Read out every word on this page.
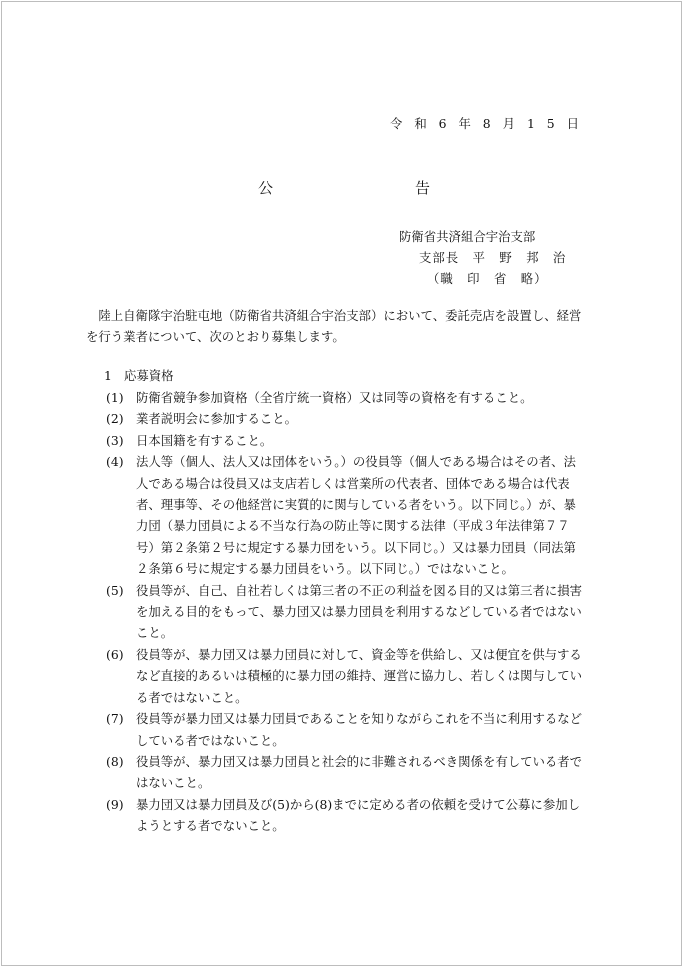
令 和 6 年 8 月 1 5 日
公	告
防衛省共済組合宇治支部
支部長　平　野　邦　治
（職　印　省　略）
陸上自衛隊宇治駐屯地（防衛省共済組合宇治支部）において、委託売店を設置し、経営を行う業者について、次のとおり募集します。
1 応募資格
(1) 防衛省競争参加資格（全省庁統一資格）又は同等の資格を有すること。
(2) 業者説明会に参加すること。
(3) 日本国籍を有すること。
(4) 法人等（個人、法人又は団体をいう。）の役員等（個人である場合はその者、法人である場合は役員又は支店若しくは営業所の代表者、団体である場合は代表者、理事等、その他経営に実質的に関与している者をいう。以下同じ。）が、暴力団（暴力団員による不当な行為の防止等に関する法律（平成３年法律第７７号）第２条第２号に規定する暴力団をいう。以下同じ。）又は暴力団員（同法第２条第６号に規定する暴力団員をいう。以下同じ。）ではないこと。
(5) 役員等が、自己、自社若しくは第三者の不正の利益を図る目的又は第三者に損害を加える目的をもって、暴力団又は暴力団員を利用するなどしている者ではないこと。
(6) 役員等が、暴力団又は暴力団員に対して、資金等を供給し、又は便宜を供与するなど直接的あるいは積極的に暴力団の維持、運営に協力し、若しくは関与している者ではないこと。
(7) 役員等が暴力団又は暴力団員であることを知りながらこれを不当に利用するなどしている者ではないこと。
(8) 役員等が、暴力団又は暴力団員と社会的に非難されるべき関係を有している者ではないこと。
(9) 暴力団又は暴力団員及び(5)から(8)までに定める者の依頼を受けて公募に参加しようとする者でないこと。
